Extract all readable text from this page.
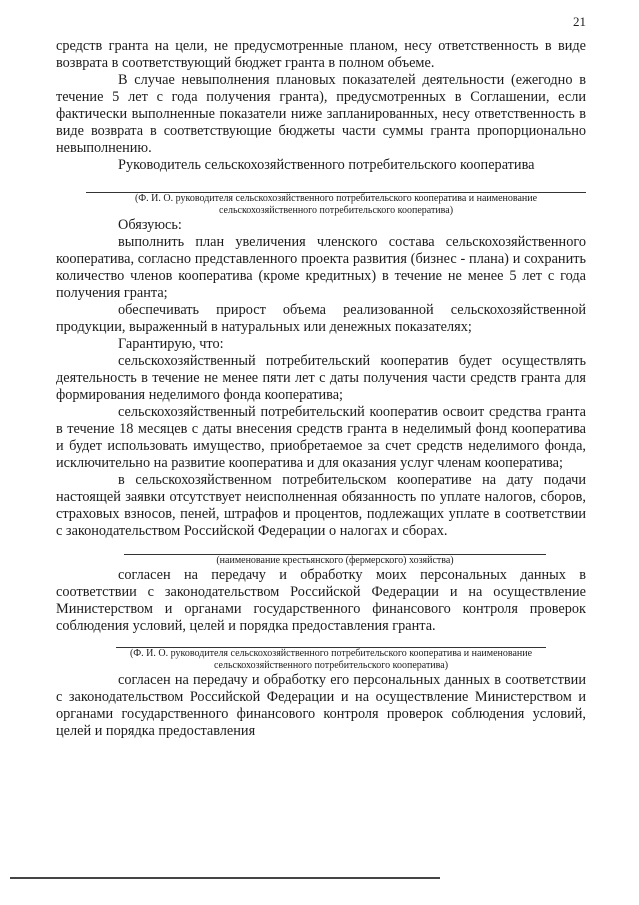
21

средств гранта на цели, не предусмотренные планом, несу ответственность в виде возврата в соответствующий бюджет гранта в полном объеме.

В случае невыполнения плановых показателей деятельности (ежегодно в течение 5 лет с года получения гранта), предусмотренных в Соглашении, если фактически выполненные показатели ниже запланированных, несу ответственность в виде возврата в соответствующие бюджеты части суммы гранта пропорционально невыполнению.

Руководитель сельскохозяйственного потребительского кооператива

(Ф. И. О. руководителя сельскохозяйственного потребительского кооператива и наименование сельскохозяйственного потребительского кооператива)

Обязуюсь:

выполнить план увеличения членского состава сельскохозяйственного кооператива, согласно представленного проекта развития (бизнес - плана) и сохранить количество членов кооператива (кроме кредитных) в течение не менее 5 лет с года получения гранта;

обеспечивать прирост объема реализованной сельскохозяйственной продукции, выраженный в натуральных или денежных показателях;

Гарантирую, что:

сельскохозяйственный потребительский кооператив будет осуществлять деятельность в течение не менее пяти лет с даты получения части средств гранта для формирования неделимого фонда кооператива;

сельскохозяйственный потребительский кооператив освоит средства гранта в течение 18 месяцев с даты внесения средств гранта в неделимый фонд кооператива и будет использовать имущество, приобретаемое за счет средств неделимого фонда, исключительно на развитие кооператива и для оказания услуг членам кооператива;

в сельскохозяйственном потребительском кооперативе на дату подачи настоящей заявки отсутствует неисполненная обязанность по уплате налогов, сборов, страховых взносов, пеней, штрафов и процентов, подлежащих уплате в соответствии с законодательством Российской Федерации о налогах и сборах.

(наименование крестьянского (фермерского) хозяйства)

согласен на передачу и обработку моих персональных данных в соответствии с законодательством Российской Федерации и на осуществление Министерством и органами государственного финансового контроля проверок соблюдения условий, целей и порядка предоставления гранта.

(Ф. И. О. руководителя сельскохозяйственного потребительского кооператива и наименование сельскохозяйственного потребительского кооператива)

согласен на передачу и обработку его персональных данных в соответствии с законодательством Российской Федерации и на осуществление Министерством и органами государственного финансового контроля проверок соблюдения условий, целей и порядка предоставления
